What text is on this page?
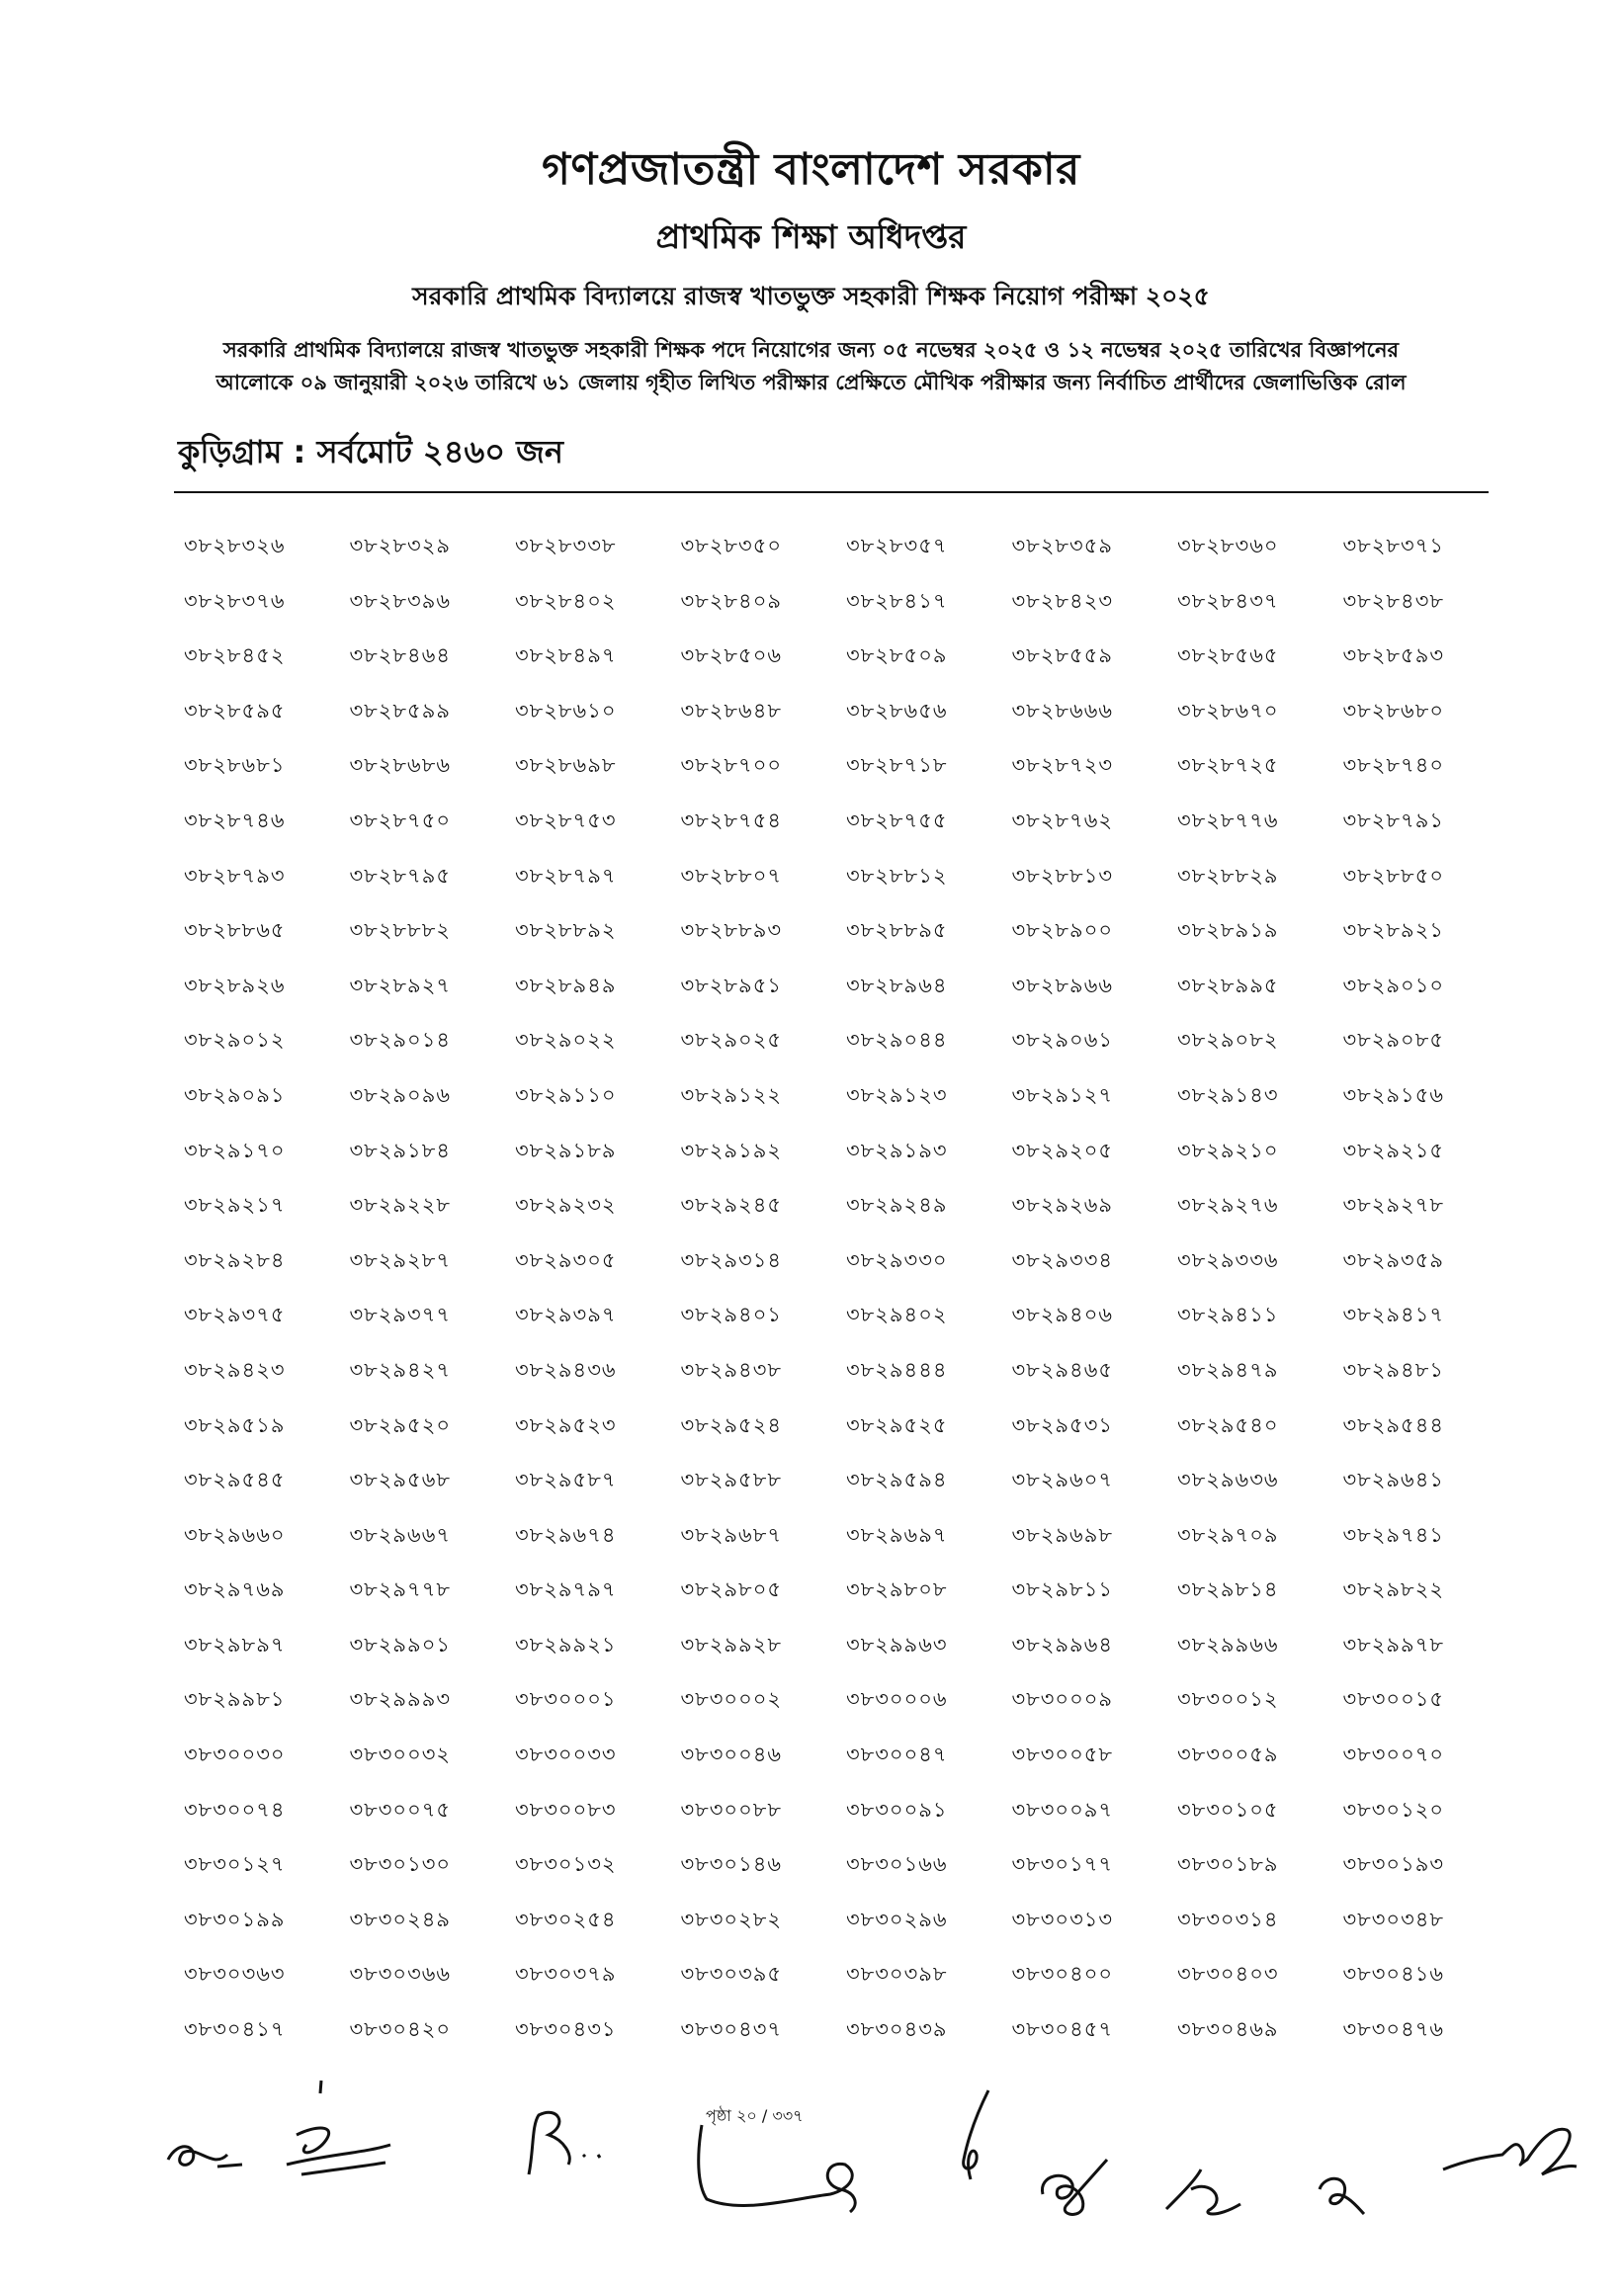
গণপ্রজাতন্ত্রী বাংলাদেশ সরকার
প্রাথমিক শিক্ষা অধিদপ্তর
সরকারি প্রাথমিক বিদ্যালয়ে রাজস্ব খাতভুক্ত সহকারী শিক্ষক নিয়োগ পরীক্ষা ২০২৫
সরকারি প্রাথমিক বিদ্যালয়ে রাজস্ব খাতভুক্ত সহকারী শিক্ষক পদে নিয়োগের জন্য ০৫ নভেম্বর ২০২৫ ও ১২ নভেম্বর ২০২৫ তারিখের বিজ্ঞাপনের
আলোকে ০৯ জানুয়ারী ২০২৬ তারিখে ৬১ জেলায় গৃহীত লিখিত পরীক্ষার প্রেক্ষিতে মৌখিক পরীক্ষার জন্য নির্বাচিত প্রার্থীদের জেলাভিত্তিক রোল
কুড়িগ্রাম : সর্বমোট ২৪৬০ জন
৩৮২৮৩২৬	৩৮২৮৩২৯	৩৮২৮৩৩৮	৩৮২৮৩৫০	৩৮২৮৩৫৭	৩৮২৮৩৫৯	৩৮২৮৩৬০	৩৮২৮৩৭১
৩৮২৮৩৭৬	৩৮২৮৩৯৬	৩৮২৮৪০২	৩৮২৮৪০৯	৩৮২৮৪১৭	৩৮২৮৪২৩	৩৮২৮৪৩৭	৩৮২৮৪৩৮
৩৮২৮৪৫২	৩৮২৮৪৬৪	৩৮২৮৪৯৭	৩৮২৮৫০৬	৩৮২৮৫০৯	৩৮২৮৫৫৯	৩৮২৮৫৬৫	৩৮২৮৫৯৩
৩৮২৮৫৯৫	৩৮২৮৫৯৯	৩৮২৮৬১০	৩৮২৮৬৪৮	৩৮২৮৬৫৬	৩৮২৮৬৬৬	৩৮২৮৬৭০	৩৮২৮৬৮০
৩৮২৮৬৮১	৩৮২৮৬৮৬	৩৮২৮৬৯৮	৩৮২৮৭০০	৩৮২৮৭১৮	৩৮২৮৭২৩	৩৮২৮৭২৫	৩৮২৮৭৪০
৩৮২৮৭৪৬	৩৮২৮৭৫০	৩৮২৮৭৫৩	৩৮২৮৭৫৪	৩৮২৮৭৫৫	৩৮২৮৭৬২	৩৮২৮৭৭৬	৩৮২৮৭৯১
৩৮২৮৭৯৩	৩৮২৮৭৯৫	৩৮২৮৭৯৭	৩৮২৮৮০৭	৩৮২৮৮১২	৩৮২৮৮১৩	৩৮২৮৮২৯	৩৮২৮৮৫০
৩৮২৮৮৬৫	৩৮২৮৮৮২	৩৮২৮৮৯২	৩৮২৮৮৯৩	৩৮২৮৮৯৫	৩৮২৮৯০০	৩৮২৮৯১৯	৩৮২৮৯২১
৩৮২৮৯২৬	৩৮২৮৯২৭	৩৮২৮৯৪৯	৩৮২৮৯৫১	৩৮২৮৯৬৪	৩৮২৮৯৬৬	৩৮২৮৯৯৫	৩৮২৯০১০
৩৮২৯০১২	৩৮২৯০১৪	৩৮২৯০২২	৩৮২৯০২৫	৩৮২৯০৪৪	৩৮২৯০৬১	৩৮২৯০৮২	৩৮২৯০৮৫
৩৮২৯০৯১	৩৮২৯০৯৬	৩৮২৯১১০	৩৮২৯১২২	৩৮২৯১২৩	৩৮২৯১২৭	৩৮২৯১৪৩	৩৮২৯১৫৬
৩৮২৯১৭০	৩৮২৯১৮৪	৩৮২৯১৮৯	৩৮২৯১৯২	৩৮২৯১৯৩	৩৮২৯২০৫	৩৮২৯২১০	৩৮২৯২১৫
৩৮২৯২১৭	৩৮২৯২২৮	৩৮২৯২৩২	৩৮২৯২৪৫	৩৮২৯২৪৯	৩৮২৯২৬৯	৩৮২৯২৭৬	৩৮২৯২৭৮
৩৮২৯২৮৪	৩৮২৯২৮৭	৩৮২৯৩০৫	৩৮২৯৩১৪	৩৮২৯৩৩০	৩৮২৯৩৩৪	৩৮২৯৩৩৬	৩৮২৯৩৫৯
৩৮২৯৩৭৫	৩৮২৯৩৭৭	৩৮২৯৩৯৭	৩৮২৯৪০১	৩৮২৯৪০২	৩৮২৯৪০৬	৩৮২৯৪১১	৩৮২৯৪১৭
৩৮২৯৪২৩	৩৮২৯৪২৭	৩৮২৯৪৩৬	৩৮২৯৪৩৮	৩৮২৯৪৪৪	৩৮২৯৪৬৫	৩৮২৯৪৭৯	৩৮২৯৪৮১
৩৮২৯৫১৯	৩৮২৯৫২০	৩৮২৯৫২৩	৩৮২৯৫২৪	৩৮২৯৫২৫	৩৮২৯৫৩১	৩৮২৯৫৪০	৩৮২৯৫৪৪
৩৮২৯৫৪৫	৩৮২৯৫৬৮	৩৮২৯৫৮৭	৩৮২৯৫৮৮	৩৮২৯৫৯৪	৩৮২৯৬০৭	৩৮২৯৬৩৬	৩৮২৯৬৪১
৩৮২৯৬৬০	৩৮২৯৬৬৭	৩৮২৯৬৭৪	৩৮২৯৬৮৭	৩৮২৯৬৯৭	৩৮২৯৬৯৮	৩৮২৯৭০৯	৩৮২৯৭৪১
৩৮২৯৭৬৯	৩৮২৯৭৭৮	৩৮২৯৭৯৭	৩৮২৯৮০৫	৩৮২৯৮০৮	৩৮২৯৮১১	৩৮২৯৮১৪	৩৮২৯৮২২
৩৮২৯৮৯৭	৩৮২৯৯০১	৩৮২৯৯২১	৩৮২৯৯২৮	৩৮২৯৯৬৩	৩৮২৯৯৬৪	৩৮২৯৯৬৬	৩৮২৯৯৭৮
৩৮২৯৯৮১	৩৮২৯৯৯৩	৩৮৩০০০১	৩৮৩০০০২	৩৮৩০০০৬	৩৮৩০০০৯	৩৮৩০০১২	৩৮৩০০১৫
৩৮৩০০৩০	৩৮৩০০৩২	৩৮৩০০৩৩	৩৮৩০০৪৬	৩৮৩০০৪৭	৩৮৩০০৫৮	৩৮৩০০৫৯	৩৮৩০০৭০
৩৮৩০০৭৪	৩৮৩০০৭৫	৩৮৩০০৮৩	৩৮৩০০৮৮	৩৮৩০০৯১	৩৮৩০০৯৭	৩৮৩০১০৫	৩৮৩০১২০
৩৮৩০১২৭	৩৮৩০১৩০	৩৮৩০১৩২	৩৮৩০১৪৬	৩৮৩০১৬৬	৩৮৩০১৭৭	৩৮৩০১৮৯	৩৮৩০১৯৩
৩৮৩০১৯৯	৩৮৩০২৪৯	৩৮৩০২৫৪	৩৮৩০২৮২	৩৮৩০২৯৬	৩৮৩০৩১৩	৩৮৩০৩১৪	৩৮৩০৩৪৮
৩৮৩০৩৬৩	৩৮৩০৩৬৬	৩৮৩০৩৭৯	৩৮৩০৩৯৫	৩৮৩০৩৯৮	৩৮৩০৪০০	৩৮৩০৪০৩	৩৮৩০৪১৬
৩৮৩০৪১৭	৩৮৩০৪২০	৩৮৩০৪৩১	৩৮৩০৪৩৭	৩৮৩০৪৩৯	৩৮৩০৪৫৭	৩৮৩০৪৬৯	৩৮৩০৪৭৬
পৃষ্ঠা ২০ / ৩৩৭
